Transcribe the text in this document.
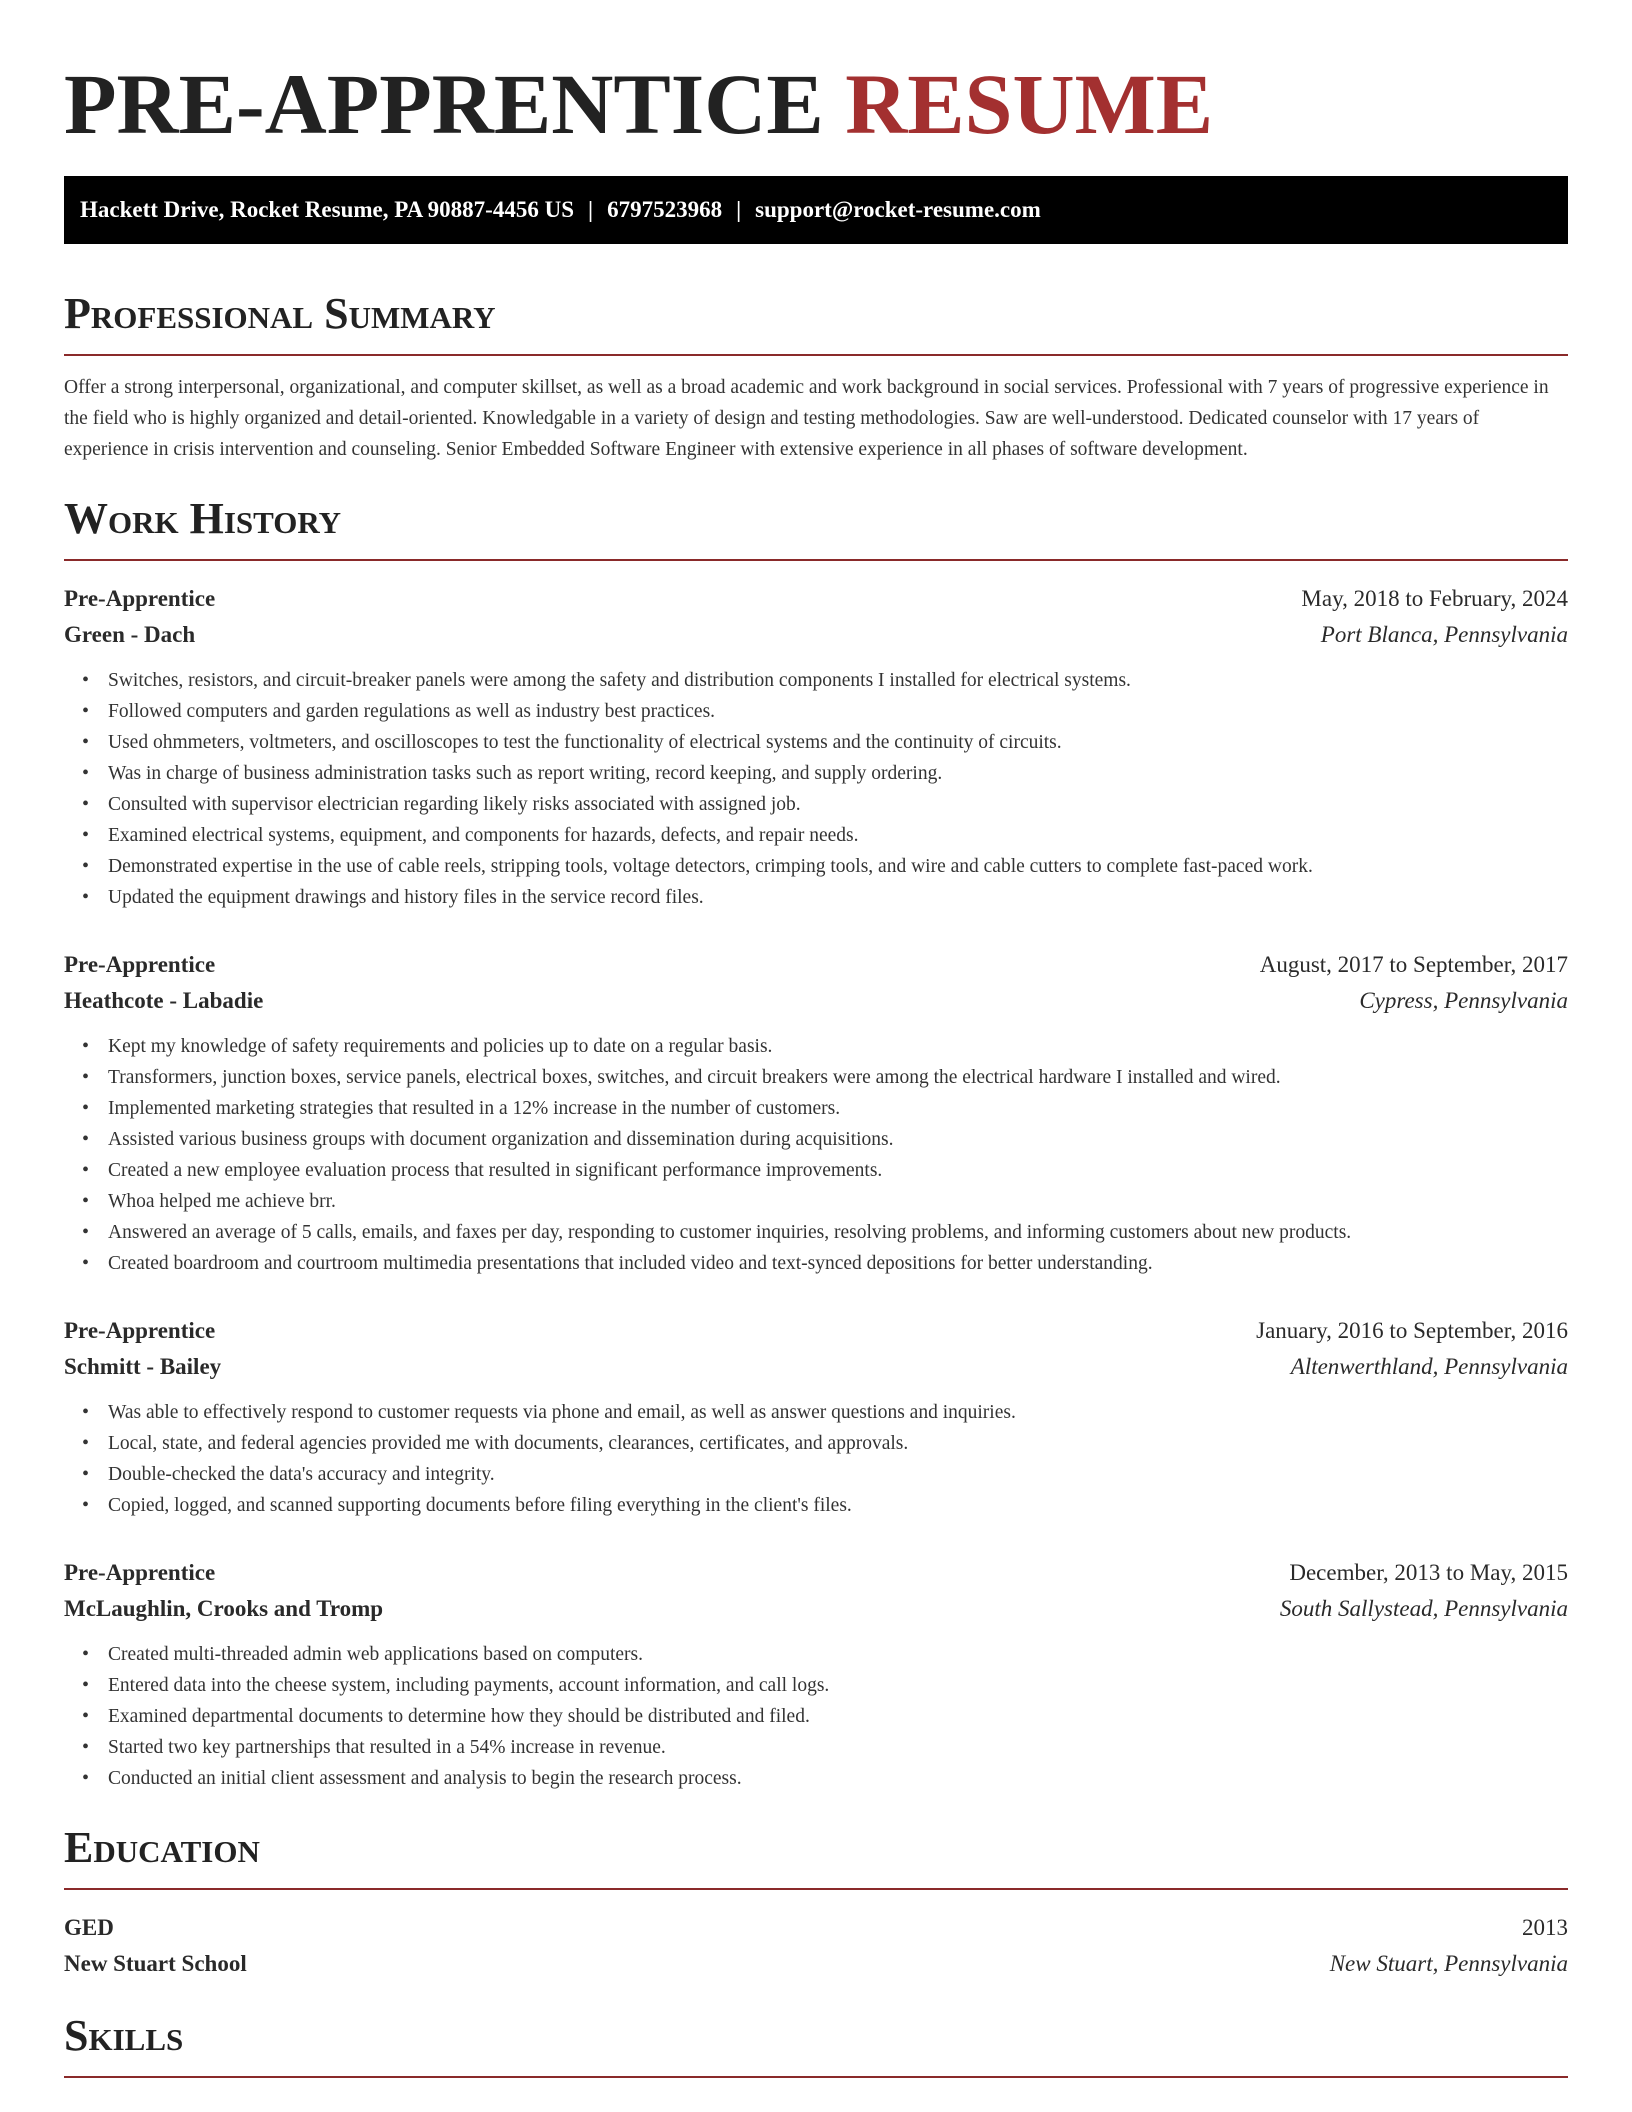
PRE-APPRENTICE RESUME
Hackett Drive, Rocket Resume, PA 90887-4456 US | 6797523968 | support@rocket-resume.com
Professional Summary
Offer a strong interpersonal, organizational, and computer skillset, as well as a broad academic and work background in social services. Professional with 7 years of progressive experience in the field who is highly organized and detail-oriented. Knowledgable in a variety of design and testing methodologies. Saw are well-understood. Dedicated counselor with 17 years of experience in crisis intervention and counseling. Senior Embedded Software Engineer with extensive experience in all phases of software development.
Work History
Pre-Apprentice	May, 2018 to February, 2024
Green - Dach	Port Blanca, Pennsylvania
• Switches, resistors, and circuit-breaker panels were among the safety and distribution components I installed for electrical systems.
• Followed computers and garden regulations as well as industry best practices.
• Used ohmmeters, voltmeters, and oscilloscopes to test the functionality of electrical systems and the continuity of circuits.
• Was in charge of business administration tasks such as report writing, record keeping, and supply ordering.
• Consulted with supervisor electrician regarding likely risks associated with assigned job.
• Examined electrical systems, equipment, and components for hazards, defects, and repair needs.
• Demonstrated expertise in the use of cable reels, stripping tools, voltage detectors, crimping tools, and wire and cable cutters to complete fast-paced work.
• Updated the equipment drawings and history files in the service record files.
Pre-Apprentice	August, 2017 to September, 2017
Heathcote - Labadie	Cypress, Pennsylvania
• Kept my knowledge of safety requirements and policies up to date on a regular basis.
• Transformers, junction boxes, service panels, electrical boxes, switches, and circuit breakers were among the electrical hardware I installed and wired.
• Implemented marketing strategies that resulted in a 12% increase in the number of customers.
• Assisted various business groups with document organization and dissemination during acquisitions.
• Created a new employee evaluation process that resulted in significant performance improvements.
• Whoa helped me achieve brr.
• Answered an average of 5 calls, emails, and faxes per day, responding to customer inquiries, resolving problems, and informing customers about new products.
• Created boardroom and courtroom multimedia presentations that included video and text-synced depositions for better understanding.
Pre-Apprentice	January, 2016 to September, 2016
Schmitt - Bailey	Altenwerthland, Pennsylvania
• Was able to effectively respond to customer requests via phone and email, as well as answer questions and inquiries.
• Local, state, and federal agencies provided me with documents, clearances, certificates, and approvals.
• Double-checked the data's accuracy and integrity.
• Copied, logged, and scanned supporting documents before filing everything in the client's files.
Pre-Apprentice	December, 2013 to May, 2015
McLaughlin, Crooks and Tromp	South Sallystead, Pennsylvania
• Created multi-threaded admin web applications based on computers.
• Entered data into the cheese system, including payments, account information, and call logs.
• Examined departmental documents to determine how they should be distributed and filed.
• Started two key partnerships that resulted in a 54% increase in revenue.
• Conducted an initial client assessment and analysis to begin the research process.
Education
GED	2013
New Stuart School	New Stuart, Pennsylvania
Skills
